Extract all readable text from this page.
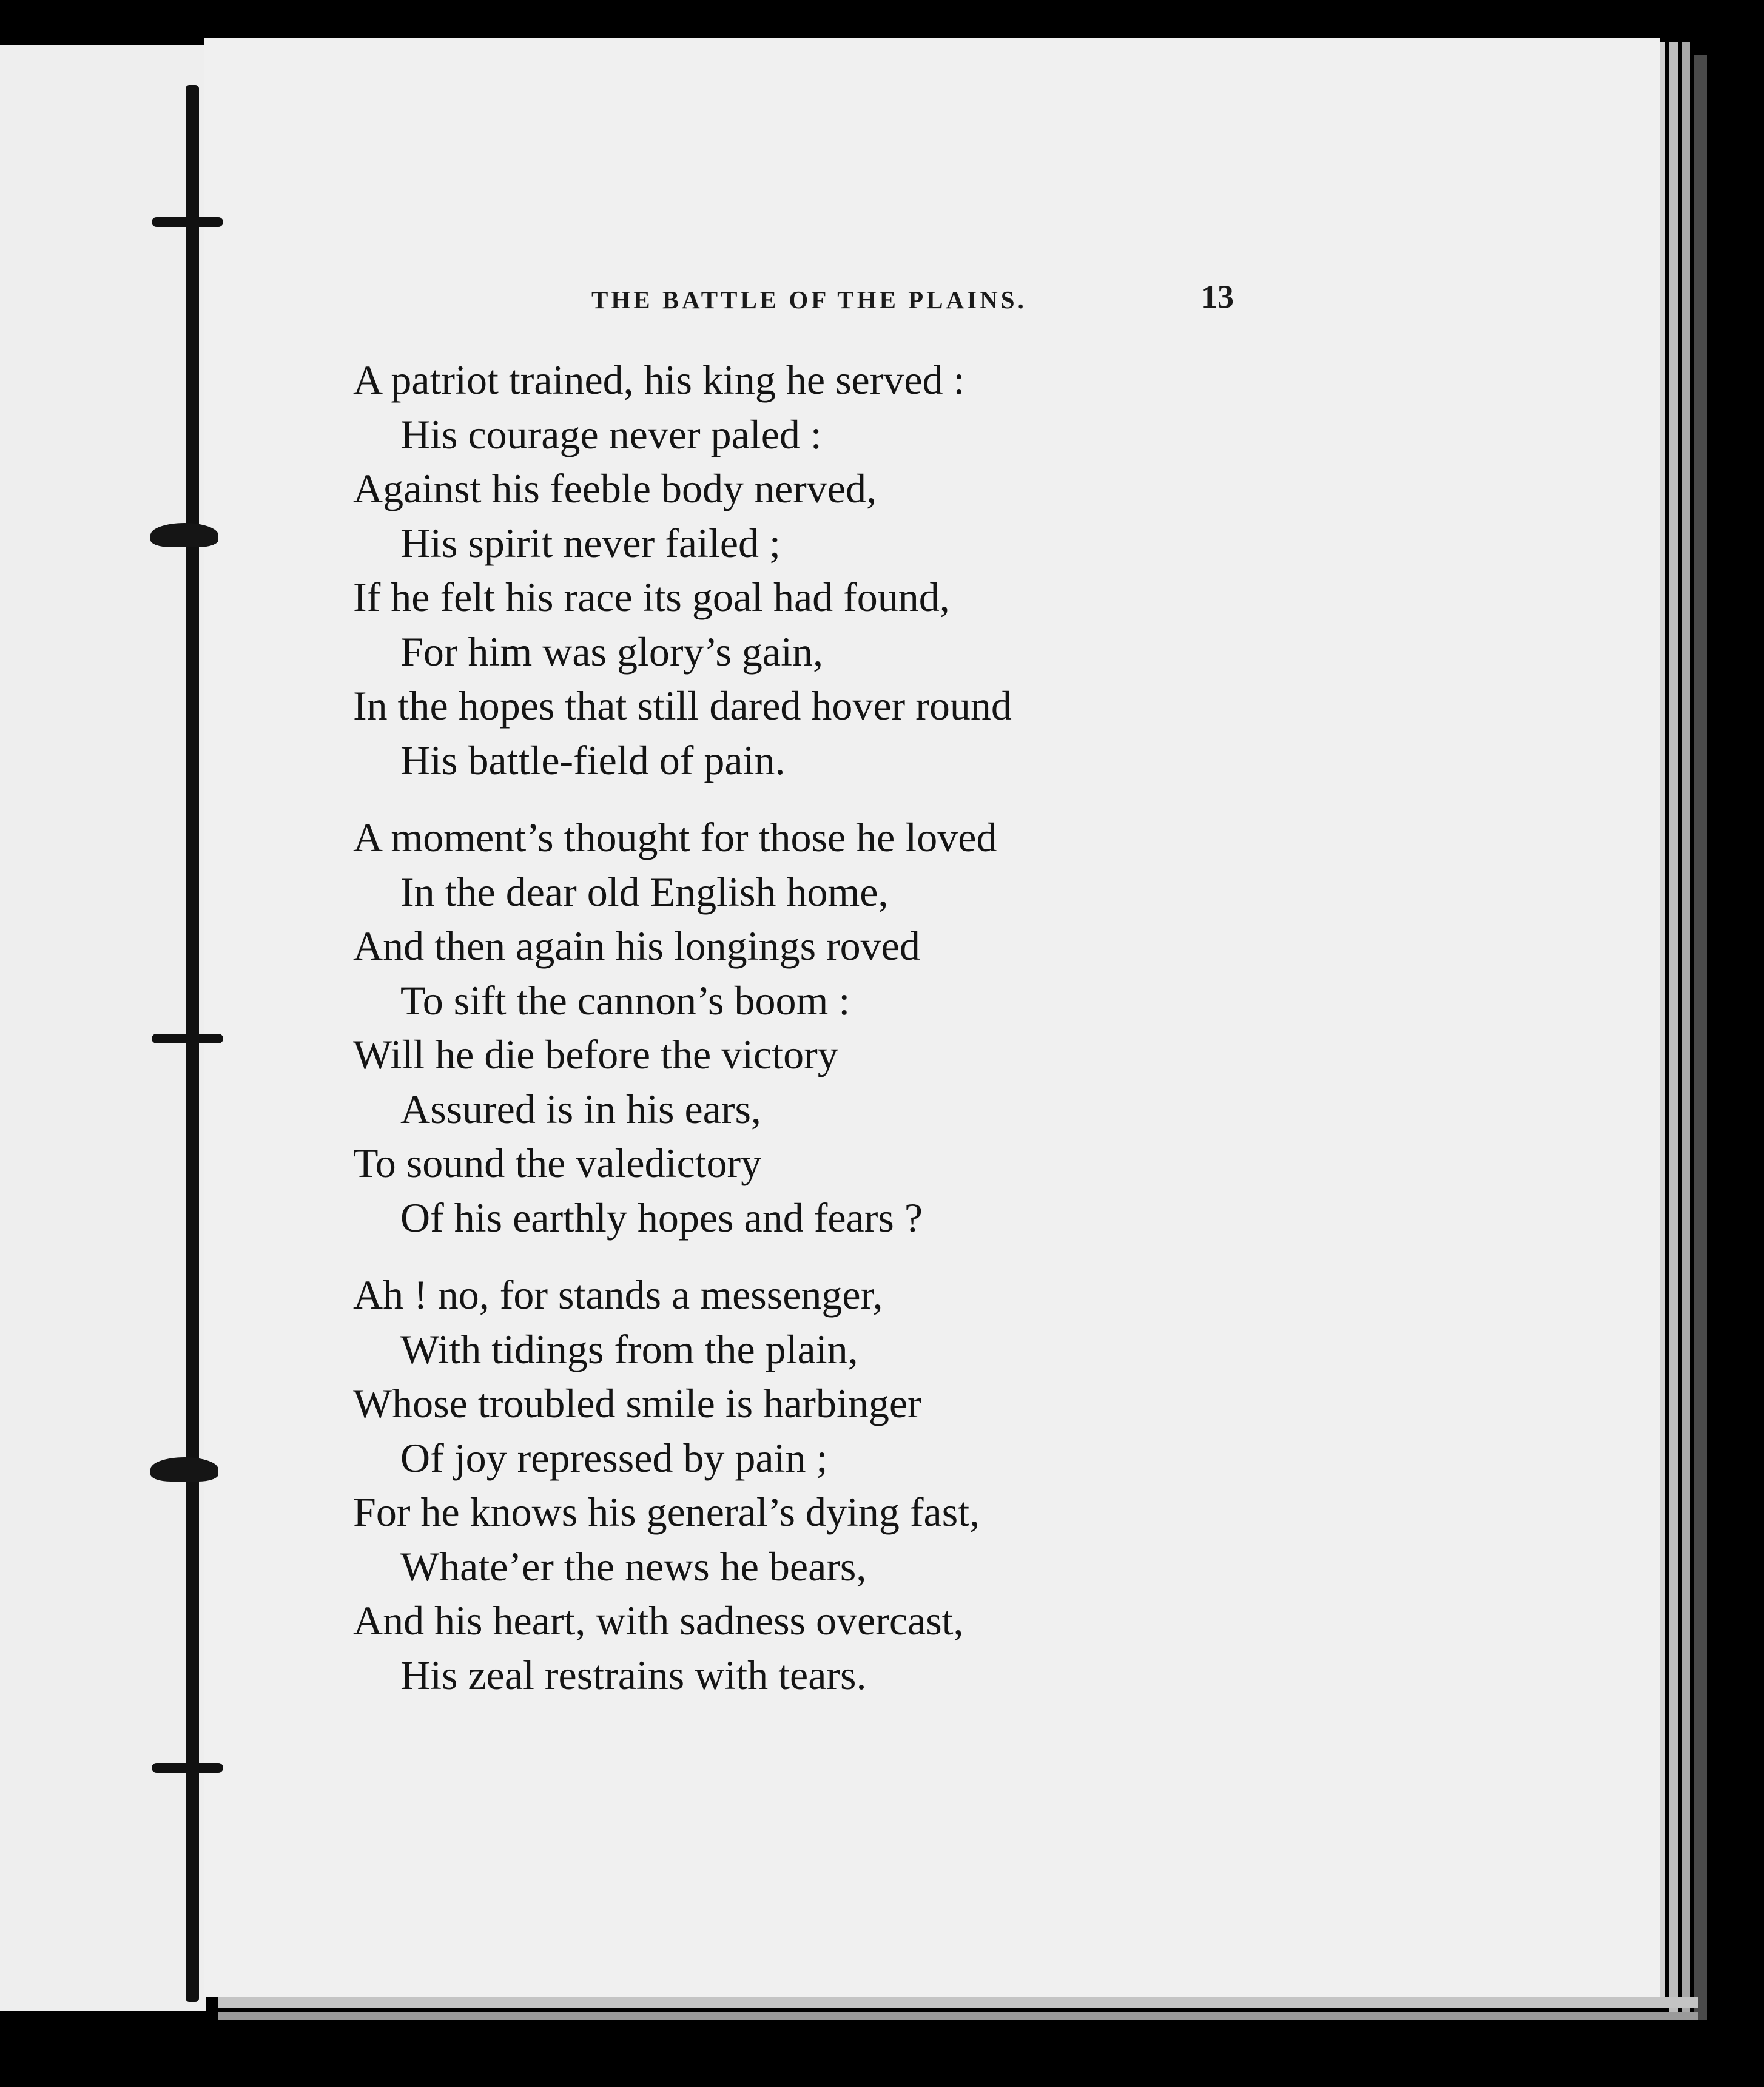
THE BATTLE OF THE PLAINS.	13
A patriot trained, his king he served :
His courage never paled :
Against his feeble body nerved,
His spirit never failed ;
If he felt his race its goal had found,
For him was glory’s gain,
In the hopes that still dared hover round
His battle-field of pain.
A moment’s thought for those he loved
In the dear old English home,
And then again his longings roved
To sift the cannon’s boom :
Will he die before the victory
Assured is in his ears,
To sound the valedictory
Of his earthly hopes and fears ?
Ah ! no, for stands a messenger,
With tidings from the plain,
Whose troubled smile is harbinger
Of joy repressed by pain ;
For he knows his general’s dying fast,
Whate’er the news he bears,
And his heart, with sadness overcast,
His zeal restrains with tears.
